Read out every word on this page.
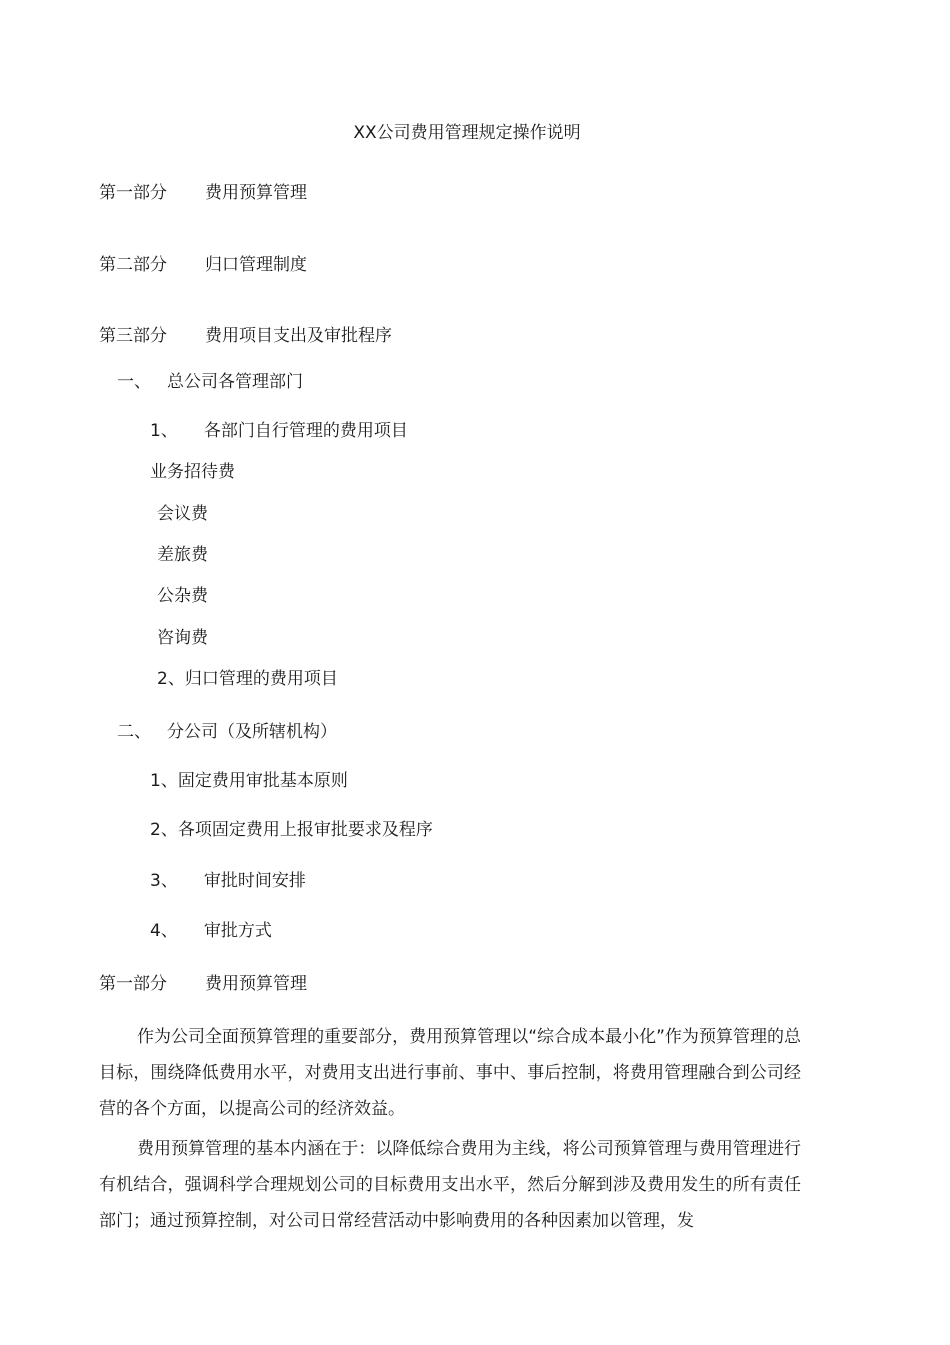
XX公司费用管理规定操作说明
第一部分 费用预算管理
第二部分 归口管理制度
第三部分 费用项目支出及审批程序
一、 总公司各管理部门
1、 各部门自行管理的费用项目
业务招待费
会议费
差旅费
公杂费
咨询费
2、归口管理的费用项目
二、 分公司（及所辖机构）
1、固定费用审批基本原则
2、各项固定费用上报审批要求及程序
3、 审批时间安排
4、 审批方式
第一部分 费用预算管理

作为公司全面预算管理的重要部分，费用预算管理以“综合成本最小化”作为预算管理的总目标，围绕降低费用水平，对费用支出进行事前、事中、事后控制，将费用管理融合到公司经营的各个方面，以提高公司的经济效益。

费用预算管理的基本内涵在于：以降低综合费用为主线，将公司预算管理与费用管理进行有机结合，强调科学合理规划公司的目标费用支出水平，然后分解到涉及费用发生的所有责任部门；通过预算控制，对公司日常经营活动中影响费用的各种因素加以管理，发
